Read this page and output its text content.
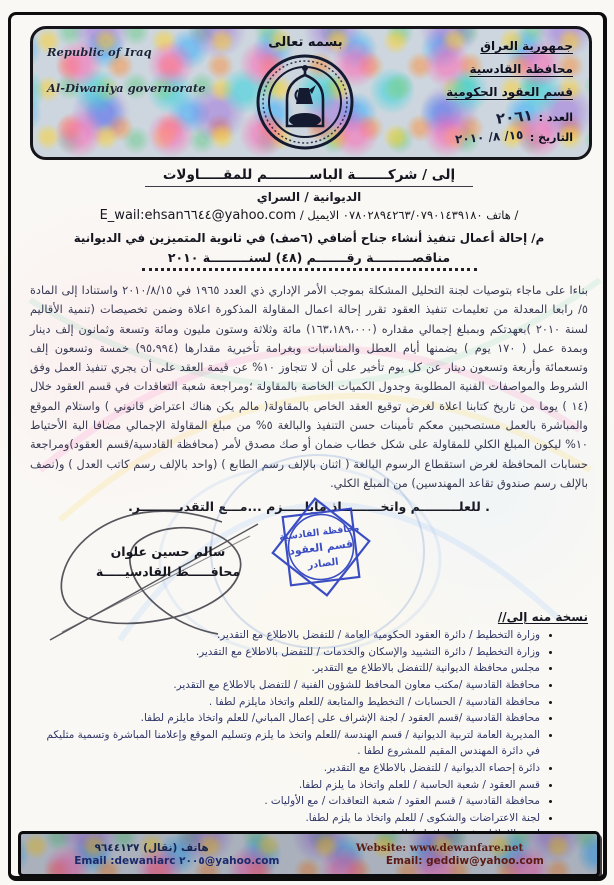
Republic of Iraq
Al-Diwaniya governorate
بسمه تعالى	جمهورية العراق
محافظة القادسية
قسم العقود الحكومية
العدد :
٢٠٦١
التاريخ :
١٥/ ٨/ ٢٠١٠
إلى / شركـــــــة الباســـــــــم للمقـــــاولات
الديوانية / السراي
/ هاتف ٠٧٨٠٢٨٩٤٢٦٣/٠٧٩٠١٤٣٩١٨٠ الايميل / E_wail:ehsan٦٦٤٤@yahoo.com
م/ إحالة أعمال تنفيذ أنشاء جناح أضافي (٦صف) في ثانوية المتميزين في الديوانية
مناقصـــــــــة رقـــــــم (٤٨) لسنـــــــــة ٢٠١٠
بناءا على ماجاء بتوصيات لجنة التحليل المشكلة بموجب الأمر الإداري ذي العدد ١٩٦٥ في ٢٠١٠/٨/١٥ واستنادا إلى المادة ٥/ رابعا المعدلة من تعليمات تنفيذ العقود تقرر إحالة اعمال المقاولة المذكورة اعلاة وضمن تخصيصات (تنمية الأقاليم لسنة ٢٠١٠ )بعهدتكم وبمبلغ إجمالي مقداره (١٦٣،١٨٩،٠٠٠) مائة وثلاثة وستون مليون ومائة وتسعة وثمانون إلف دينار وبمدة عمل ( ١٧٠ يوم ) يضمنها أيام العطل والمناسبات وبغرامة تأخيرية مقدارها (٩٥،٩٩٤) خمسة وتسعون إلف وتسعمائة وأربعة وتسعون دينار عن كل يوم تأخير على أن لا تتجاوز ١٠% عن قيمة العقد على أن يجري تنفيذ العمل وفق الشروط والمواصفات الفنية المطلوبة وجدول الكميات الخاصة بالمقاولة ؛ومراجعة شعبة التعاقدات في قسم العقود خلال (١٤ ) يوما من تاريخ كتابنا اعلاة لغرض توقيع العقد الخاص بالمقاولة( مالم يكن هناك اعتراض قانوني ) واستلام الموقع والمباشرة بالعمل مستصحبين معكم تأمينات حسن التنفيذ والبالغة ٥% من مبلغ المقاولة الإجمالي مضافا الية الأحتياط ١٠% ليكون المبلغ الكلي للمقاولة على شكل خطاب ضمان أو صك مصدق لأمر (محافظة القادسية/قسم العقود)ومراجعة حسابات المحافظة لغرض استقطاع الرسوم البالغة ( اثنان بالإلف رسم الطابع ) (واحد بالإلف رسم كاتب العدل ) و(نصف بالإلف رسم صندوق تقاعد المهندسين) من المبلغ الكلي.
. للعلـــــــــم واتخـــــــــاذ مايلـــــزم ...مـــع التقديـــــــــر.
سالم حسين علوان
محافـــــظ القادسيـــــة
محافظة القادسية
قسم العقود
الصادر
نسخة منه إلى//
• وزارة التخطيط / دائرة العقود الحكومية العامة / للتفضل بالاطلاع مع التقدير.
• وزارة التخطيط / دائرة التشييد والإسكان والخدمات / للتفضل بالاطلاع مع التقدير.
• مجلس محافظة الديوانية /للتفضل بالاطلاع مع التقدير.
• محافظة القادسية /مكتب معاون المحافظ للشؤون الفنية / للتفضل بالاطلاع مع التقدير.
• محافظة القادسية / الحسابات / التخطيط والمتابعة /للعلم واتخاذ مايلزم لطفا .
• محافظة القادسية /قسم العقود / لجنة الإشراف على إعمال المباني/ للعلم واتخاذ مايلزم لطفا.
• المديرية العامة لتربية الديوانية / قسم الهندسة /للعلم واتخذ ما يلزم وتسليم الموقع وإعلامنا المباشرة وتسمية مثليكم في دائرة المهندس المقيم للمشروع لطفا .
• دائرة إحصاء الديوانية / للتفضل بالاطلاع مع التقدير.
• قسم العقود / شعبة الحاسبة / للعلم واتخاذ ما يلزم لطفا.
• محافظة القادسية / قسم العقود / شعبة التعاقدات / مع الأوليات .
• لجنة الاعتراضات والشكوى / للعلم واتخاذ ما يلزم لطفا.
•
هاتف (نقال) ٩٦٤٤١٢٧	Website: www.dewanfare.net
Email :dewaniarc ٢٠٠٥@yahoo.com	Email: geddiw@yahoo.com
